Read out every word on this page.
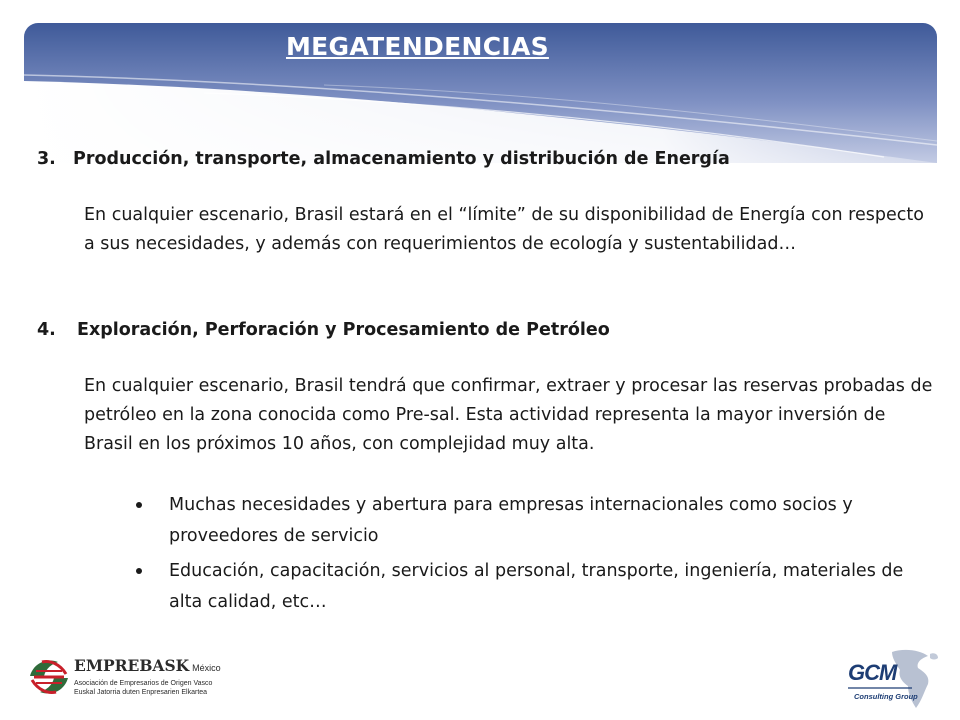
MEGATENDENCIAS
3. Producción, transporte, almacenamiento y distribución de Energía

En cualquier escenario, Brasil estará en el “límite” de su disponibilidad de Energía con respecto a sus necesidades, y además con requerimientos de ecología y sustentabilidad…

4. Exploración, Perforación y Procesamiento de Petróleo

En cualquier escenario, Brasil tendrá que confirmar, extraer y procesar las reservas probadas de petróleo en la zona conocida como Pre-sal. Esta actividad representa la mayor inversión de Brasil en los próximos 10 años, con complejidad muy alta.

Muchas necesidades y abertura para empresas internacionales como socios y proveedores de servicio
Educación, capacitación, servicios al personal, transporte, ingeniería, materiales de alta calidad, etc…
EMPREBASK México
Asociación de Empresarios de Origen Vasco
Euskal Jatorria duten Enpresarien Elkartea
GCM
Consulting Group
